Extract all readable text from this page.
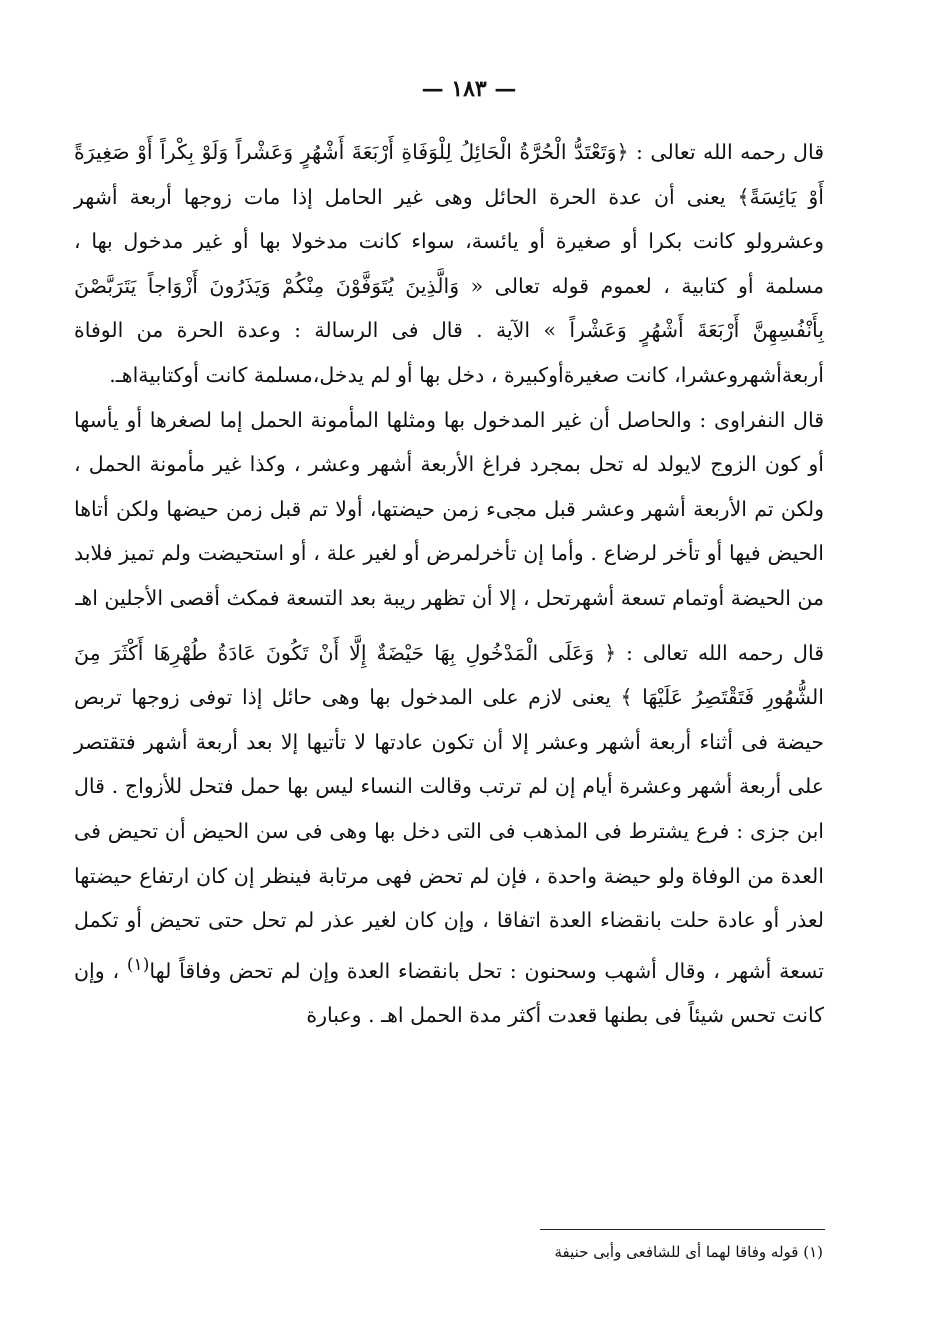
— ١٨٣ —

قال رحمه الله تعالى : ﴿وَتَعْتَدُّ الْحُرَّةُ الْحَائِلُ لِلْوَفَاةِ أَرْبَعَةَ أَشْهُرٍ وَعَشْراً وَلَوْ بِكْراً أَوْ صَغِيرَةً أَوْ يَائِسَةً﴾ يعنى أن عدة الحرة الحائل وهى غير الحامل إذا مات زوجها أربعة أشهر وعشرولو كانت بكرا أو صغيرة أو يائسة، سواء كانت مدخولا بها أو غير مدخول بها ، مسلمة أو كتابية ، لعموم قوله تعالى « وَالَّذِينَ يُتَوَفَّوْنَ مِنْكُمْ وَيَذَرُونَ أَزْوَاجاً يَتَرَبَّصْنَ بِأَنْفُسِهِنَّ أَرْبَعَةَ أَشْهُرٍ وَعَشْراً » الآية . قال فى الرسالة : وعدة الحرة من الوفاة أربعةأشهروعشرا، كانت صغيرةأوكبيرة ، دخل بها أو لم يدخل،مسلمة كانت أوكتابيةاهـ.

قال النفراوى : والحاصل أن غير المدخول بها ومثلها المأمونة الحمل إما لصغرها أو يأسها أو كون الزوج لايولد له تحل بمجرد فراغ الأربعة أشهر وعشر ، وكذا غير مأمونة الحمل ، ولكن تم الأربعة أشهر وعشر قبل مجىء زمن حيضتها، أولا تم قبل زمن حيضها ولكن أتاها الحيض فيها أو تأخر لرضاع . وأما إن تأخرلمرض أو لغير علة ، أو استحيضت ولم تميز فلابد من الحيضة أوتمام تسعة أشهرتحل ، إلا أن تظهر ريبة بعد التسعة فمكث أقصى الأجلين اهـ

قال رحمه الله تعالى : ﴿ وَعَلَى الْمَدْخُولِ بِهَا حَيْضَةٌ إِلَّا أَنْ تَكُونَ عَادَةُ طُهْرِهَا أَكْثَرَ مِنَ الشُّهُورِ فَتَقْتَصِرُ عَلَيْهَا ﴾ يعنى لازم على المدخول بها وهى حائل إذا توفى زوجها تربص حيضة فى أثناء أربعة أشهر وعشر إلا أن تكون عادتها لا تأتيها إلا بعد أربعة أشهر فتقتصر على أربعة أشهر وعشرة أيام إن لم ترتب وقالت النساء ليس بها حمل فتحل للأزواج . قال ابن جزى : فرع يشترط فى المذهب فى التى دخل بها وهى فى سن الحيض أن تحيض فى العدة من الوفاة ولو حيضة واحدة ، فإن لم تحض فهى مرتابة فينظر إن كان ارتفاع حيضتها لعذر أو عادة حلت بانقضاء العدة اتفاقا ، وإن كان لغير عذر لم تحل حتى تحيض أو تكمل تسعة أشهر ، وقال أشهب وسحنون : تحل بانقضاء العدة وإن لم تحض وفاقاً لها$^{(١)}$ ، وإن كانت تحس شيئاً فى بطنها قعدت أكثر مدة الحمل اهـ . وعبارة

(١) قوله وفاقا لهما أى للشافعى وأبى حنيفة
